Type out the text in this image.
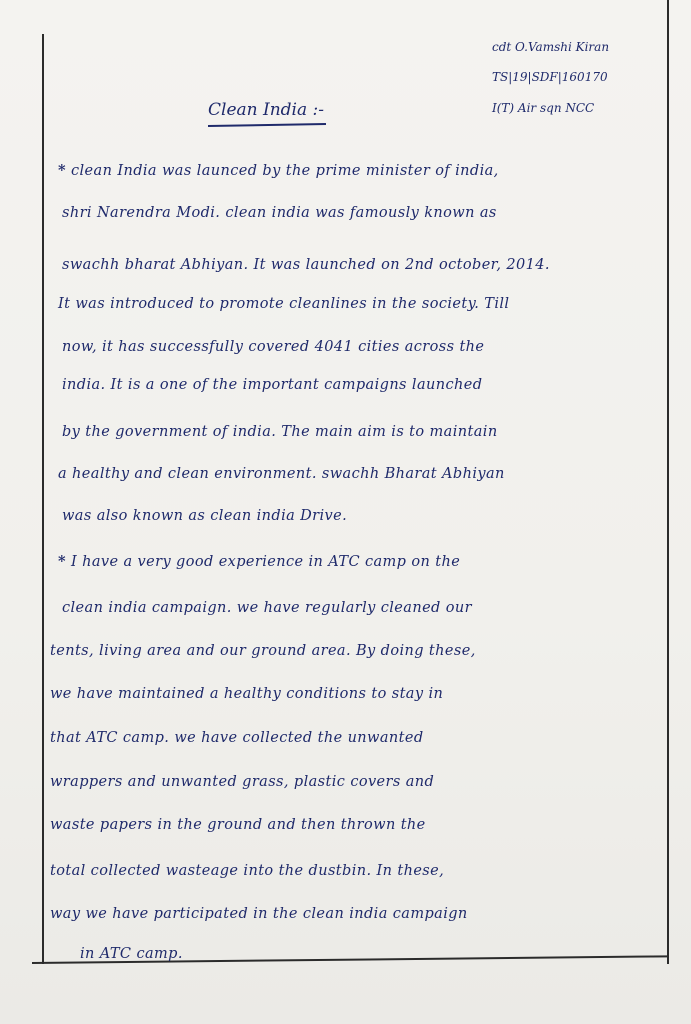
cdt O.Vamshi Kiran
TS|19|SDF|160170
I(T) Air sqn NCC
Clean India :-
* clean India was launced by the prime minister of india,
shri Narendra Modi. clean india was famously known as
swachh bharat Abhiyan. It was launched on 2nd october, 2014.
It was introduced to promote cleanlines in the society. Till
now, it has successfully covered 4041 cities across the
india. It is a one of the important campaigns launched
by the government of india. The main aim is to maintain
a healthy and clean environment. swachh Bharat Abhiyan
was also known as clean india Drive.
* I have a very good experience in ATC camp on the
clean india campaign. we have regularly cleaned our
tents, living area and our ground area. By doing these,
we have maintained a healthy conditions to stay in
that ATC camp. we have collected the unwanted
wrappers and unwanted grass, plastic covers and
waste papers in the ground and then thrown the
total collected wasteage into the dustbin. In these,
way we have participated in the clean india campaign
in ATC camp.
